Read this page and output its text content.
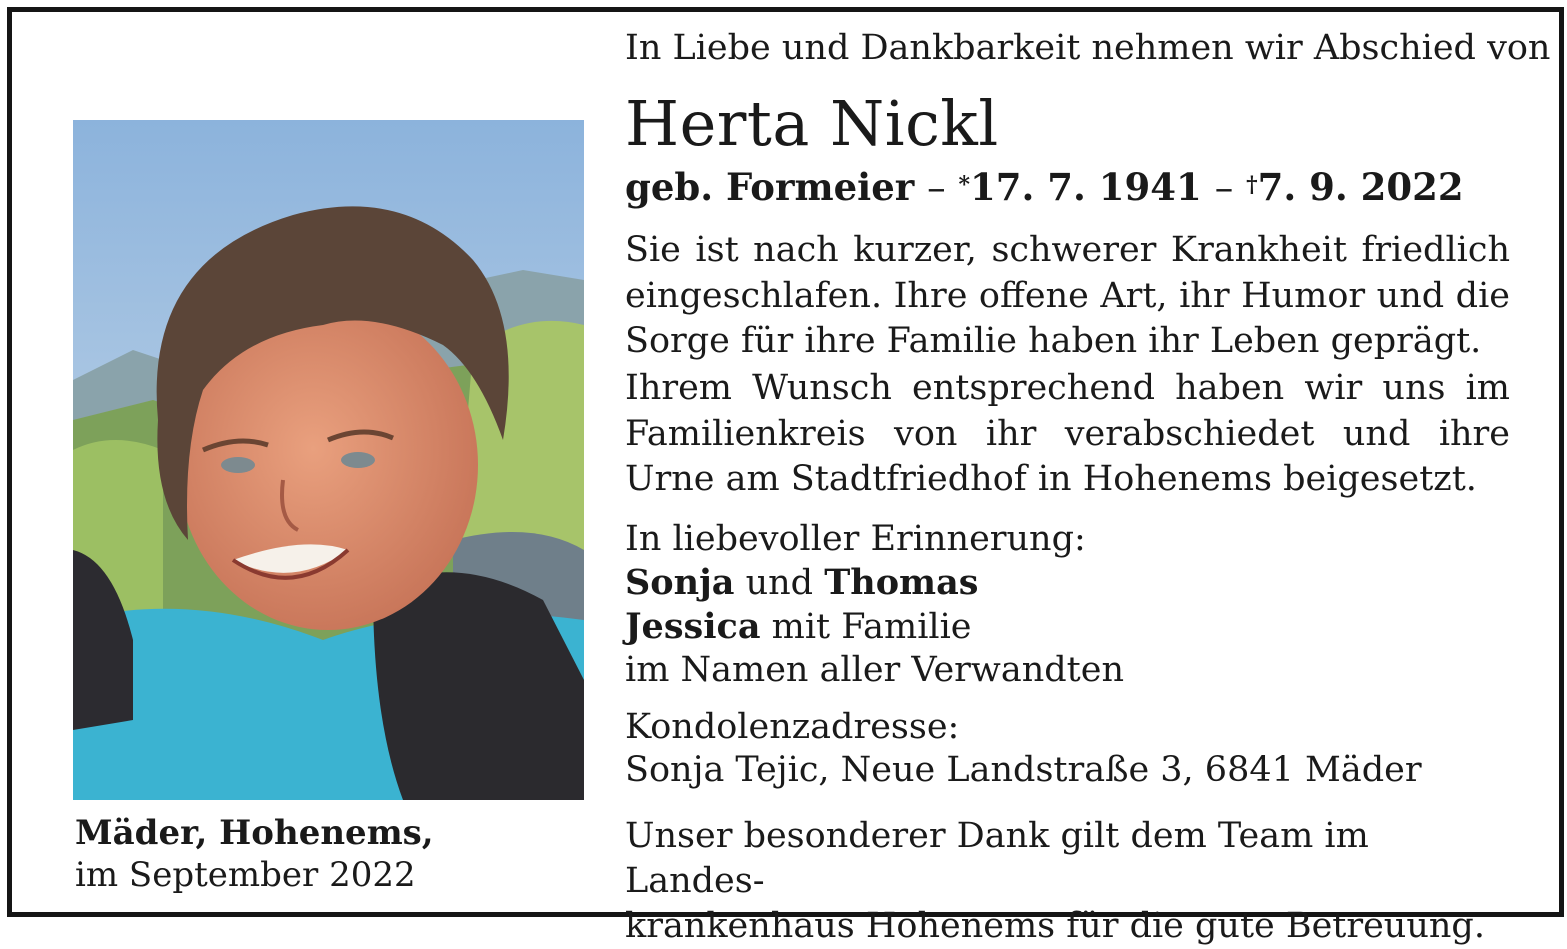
Mäder, Hohenems,
im September 2022
In Liebe und Dankbarkeit nehmen wir Abschied von
Herta Nickl
geb. Formeier – *17. 7. 1941 – †7. 9. 2022
Sie ist nach kurzer, schwerer Krankheit friedlich eingeschlafen. Ihre offene Art, ihr Humor und die Sorge für ihre Familie haben ihr Leben geprägt.
Ihrem Wunsch entsprechend haben wir uns im Familienkreis von ihr verabschiedet und ihre Urne am Stadtfriedhof in Hohenems beigesetzt.
In liebevoller Erinnerung:
Sonja und Thomas
Jessica mit Familie
im Namen aller Verwandten
Kondolenzadresse:
Sonja Tejic, Neue Landstraße 3, 6841 Mäder
Unser besonderer Dank gilt dem Team im Landes-
krankenhaus Hohenems für die gute Betreuung.
